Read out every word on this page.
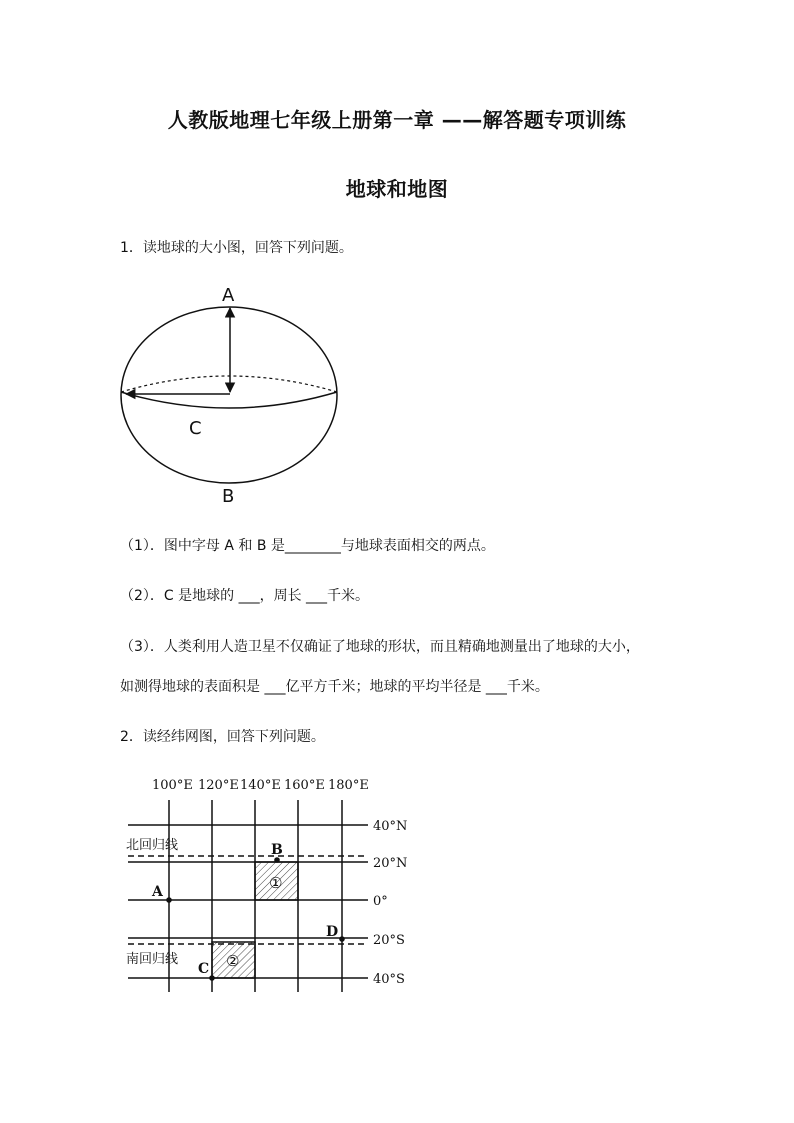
人教版地理七年级上册第一章 ——解答题专项训练
地球和地图
1．读地球的大小图，回答下列问题。
A
C
B
（1）．图中字母 A 和 B 是________与地球表面相交的两点。
（2）．C 是地球的 ___，周长 ___千米。
（3）．人类利用人造卫星不仅确证了地球的形状，而且精确地测量出了地球的大小，
如测得地球的表面积是 ___亿平方千米；地球的平均半径是 ___千米。
2．读经纬网图，回答下列问题。
100°E 120°E 140°E 160°E 180°E
40°N
20°N
0°
20°S
40°S
北回归线
南回归线
A
B
C
D
①
②
